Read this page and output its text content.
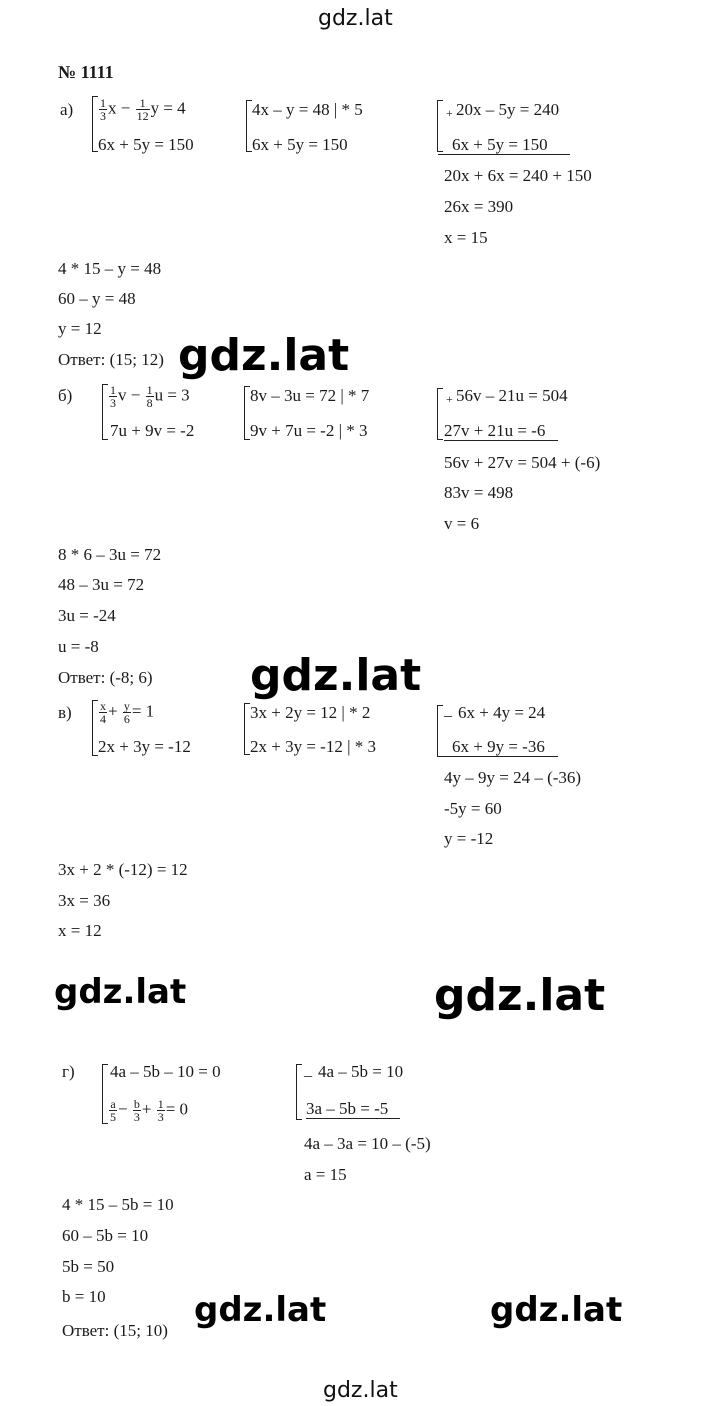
gdz.lat
№ 1111
$а) \frac{1}{3}$ $x - \frac{1}{12}$ y = 4
6x + 5y = 150
4x – y = 48 | * 5
6x + 5y = 150
+ 20x – 5y = 240
6x + 5y = 150
20x + 6x = 240 + 150
26x = 390
x = 15
4 * 15 – y = 48
60 – y = 48
y = 12
Ответ: (15; 12) gdz.lat
б)	$\frac{1}{3}$ $v - \frac{1}{8}$ u = 3
7u + 9v = -2
8v – 3u = 72 | * 7
9v + 7u = -2 | * 3
+ 56v – 21u = 504
27v + 21u = -6
56v + 27v = 504 + (-6)
83v = 498
v = 6
8 * 6 – 3u = 72
48 – 3u = 72
3u = -24
u = -8
Ответ: (-8; 6) gdz.lat
$в) \frac{x}{4} + \frac{y}{6} = 1$
2x + 3y = -12
3x + 2y = 12 | * 2
2x + 3y = -12 | * 3
_ 6x + 4y = 24
6x + 9y = -36
4y – 9y = 24 – (-36)
-5y = 60
y = -12
3x + 2 * (-12) = 12
3x = 36
x = 12
gdz.lat	gdz.lat
г) 4a – 5b – 10 = 0
$\frac{a}{5} - \frac{b}{3} + \frac{1}{3} = 0$
_ 4a – 5b = 10
3a – 5b = -5
4a – 3a = 10 – (-5)
a = 15
4 * 15 – 5b = 10
60 – 5b = 10
5b = 50
b = 10
Ответ: (15; 10)
gdz.lat	gdz.lat
gdz.lat
